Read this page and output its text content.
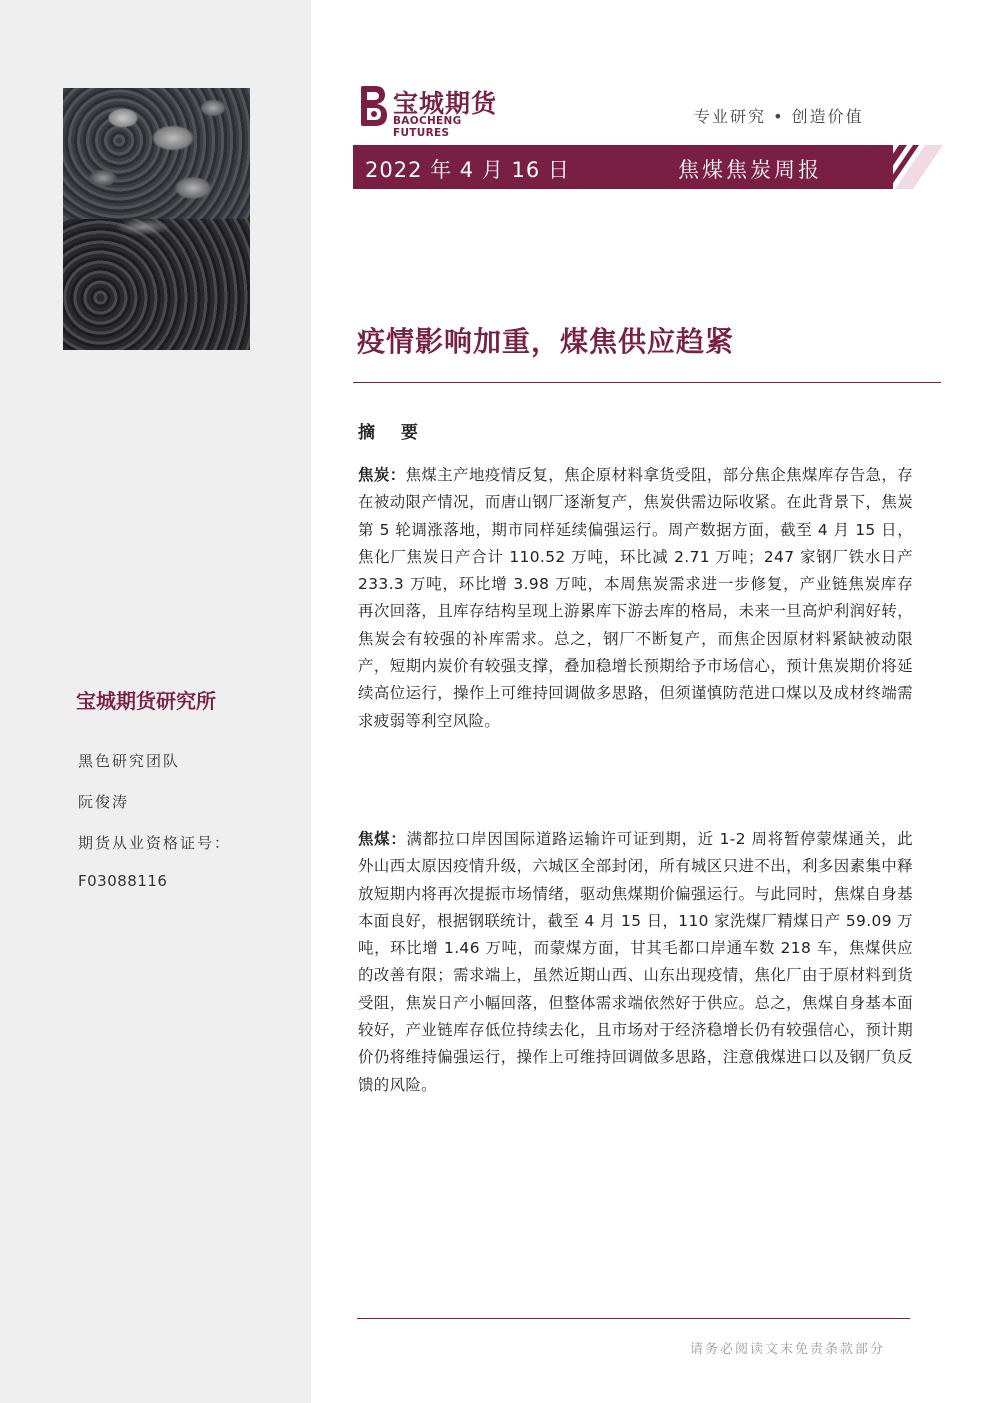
宝城期货研究所
黑色研究团队
阮俊涛
期货从业资格证号：
F03088116
宝城期货
BAOCHENG FUTURES
专业研究 • 创造价值
2022 年 4 月 16 日	焦煤焦炭周报
疫情影响加重，煤焦供应趋紧
摘 要
焦炭：焦煤主产地疫情反复，焦企原材料拿货受阻，部分焦企焦煤库存告急，存在被动限产情况，而唐山钢厂逐渐复产，焦炭供需边际收紧。在此背景下，焦炭第 5 轮调涨落地，期市同样延续偏强运行。周产数据方面，截至 4 月 15 日，焦化厂焦炭日产合计 110.52 万吨，环比减 2.71 万吨；247 家钢厂铁水日产 233.3 万吨，环比增 3.98 万吨，本周焦炭需求进一步修复，产业链焦炭库存再次回落，且库存结构呈现上游累库下游去库的格局，未来一旦高炉利润好转，焦炭会有较强的补库需求。总之，钢厂不断复产，而焦企因原材料紧缺被动限产，短期内炭价有较强支撑，叠加稳增长预期给予市场信心，预计焦炭期价将延续高位运行，操作上可维持回调做多思路，但须谨慎防范进口煤以及成材终端需求疲弱等利空风险。
焦煤：满都拉口岸因国际道路运输许可证到期，近 1-2 周将暂停蒙煤通关，此外山西太原因疫情升级，六城区全部封闭，所有城区只进不出，利多因素集中释放短期内将再次提振市场情绪，驱动焦煤期价偏强运行。与此同时，焦煤自身基本面良好，根据钢联统计，截至 4 月 15 日，110 家洗煤厂精煤日产 59.09 万吨，环比增 1.46 万吨，而蒙煤方面，甘其毛都口岸通车数 218 车，焦煤供应的改善有限；需求端上，虽然近期山西、山东出现疫情，焦化厂由于原材料到货受阻，焦炭日产小幅回落，但整体需求端依然好于供应。总之，焦煤自身基本面较好，产业链库存低位持续去化，且市场对于经济稳增长仍有较强信心，预计期价仍将维持偏强运行，操作上可维持回调做多思路，注意俄煤进口以及钢厂负反馈的风险。
请务必阅读文末免责条款部分
